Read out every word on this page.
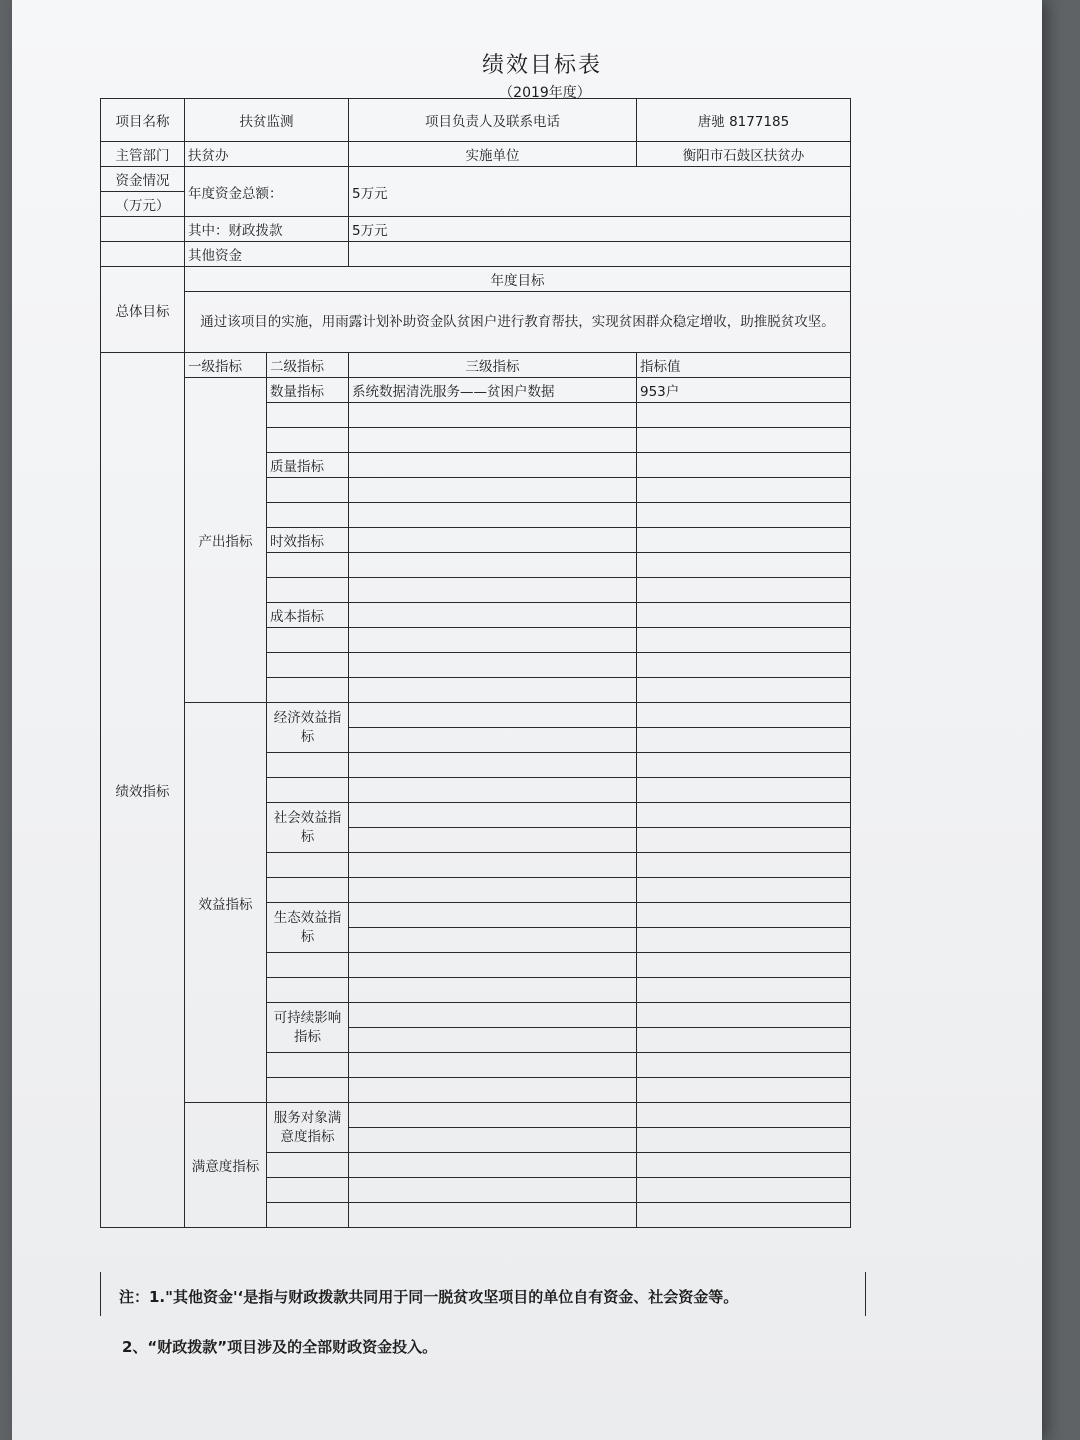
绩效目标表
（2019年度）
项目名称	扶贫监测		项目负责人及联系电话	唐驰 8177185
主管部门	扶贫办		实施单位	衡阳市石鼓区扶贫办
资金情况	年度资金总额：		5万元	
（万元）				
	其中：财政拨款		5万元	
	其他资金			
总体目标	年度目标			
	通过该项目的实施，用雨露计划补助资金队贫困户进行教育帮扶，实现贫困群众稳定增收，助推脱贫攻坚。			
绩效指标	一级指标	二级指标	三级指标	指标值
	产出指标	数量指标	系统数据清洗服务——贫困户数据	953户

		质量指标		

		时效指标		

		成本指标		

	效益指标	经济效益指标		

		社会效益指标		

		生态效益指标		

		可持续影响指标		

	满意度指标	服务对象满意度指标		

注：1."其他资金'‘是指与财政拨款共同用于同一脱贫攻坚项目的单位自有资金、社会资金等。
2、“财政拨款”项目涉及的全部财政资金投入。
